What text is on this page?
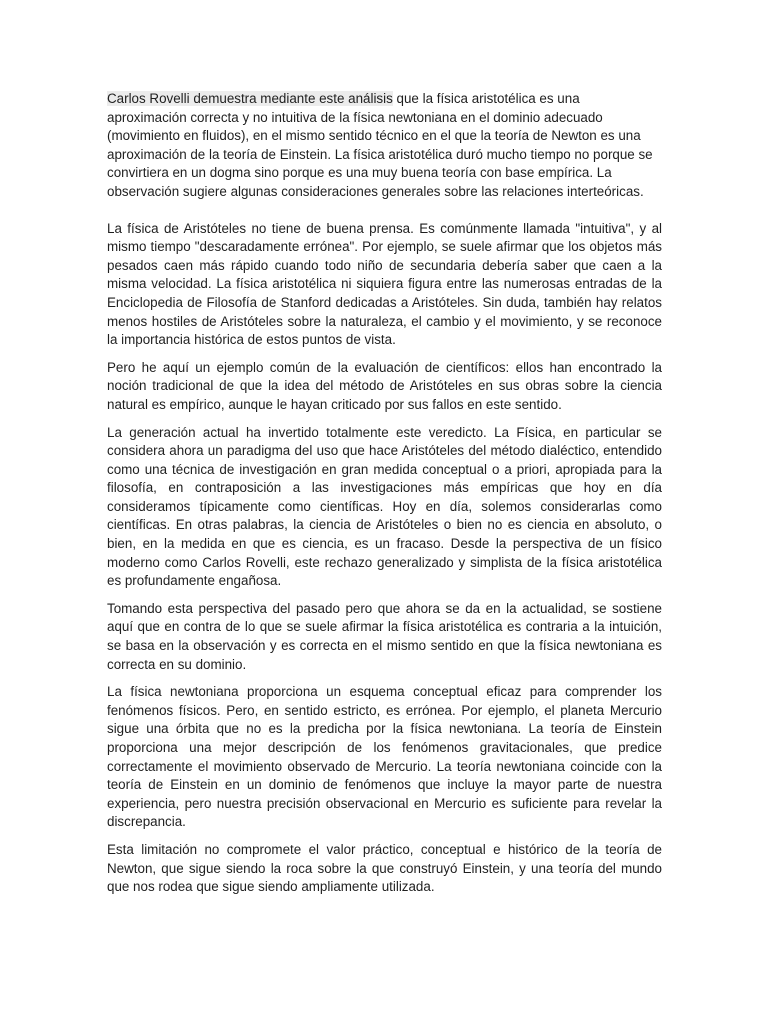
Carlos Rovelli demuestra mediante este análisis que la física aristotélica es una aproximación correcta y no intuitiva de la física newtoniana en el dominio adecuado (movimiento en fluidos), en el mismo sentido técnico en el que la teoría de Newton es una aproximación de la teoría de Einstein. La física aristotélica duró mucho tiempo no porque se convirtiera en un dogma sino porque es una muy buena teoría con base empírica. La observación sugiere algunas consideraciones generales sobre las relaciones interteóricas.

La física de Aristóteles no tiene de buena prensa. Es comúnmente llamada "intuitiva", y al mismo tiempo "descaradamente errónea". Por ejemplo, se suele afirmar que los objetos más pesados caen más rápido cuando todo niño de secundaria debería saber que caen a la misma velocidad. La física aristotélica ni siquiera figura entre las numerosas entradas de la Enciclopedia de Filosofía de Stanford dedicadas a Aristóteles. Sin duda, también hay relatos menos hostiles de Aristóteles sobre la naturaleza, el cambio y el movimiento, y se reconoce la importancia histórica de estos puntos de vista.

Pero he aquí un ejemplo común de la evaluación de científicos: ellos han encontrado la noción tradicional de que la idea del método de Aristóteles en sus obras sobre la ciencia natural es empírico, aunque le hayan criticado por sus fallos en este sentido.

La generación actual ha invertido totalmente este veredicto. La Física, en particular se considera ahora un paradigma del uso que hace Aristóteles del método dialéctico, entendido como una técnica de investigación en gran medida conceptual o a priori, apropiada para la filosofía, en contraposición a las investigaciones más empíricas que hoy en día consideramos típicamente como científicas. Hoy en día, solemos considerarlas como científicas. En otras palabras, la ciencia de Aristóteles o bien no es ciencia en absoluto, o bien, en la medida en que es ciencia, es un fracaso. Desde la perspectiva de un físico moderno como Carlos Rovelli, este rechazo generalizado y simplista de la física aristotélica es profundamente engañosa.

Tomando esta perspectiva del pasado pero que ahora se da en la actualidad, se sostiene aquí que en contra de lo que se suele afirmar la física aristotélica es contraria a la intuición, se basa en la observación y es correcta en el mismo sentido en que la física newtoniana es correcta en su dominio.

La física newtoniana proporciona un esquema conceptual eficaz para comprender los fenómenos físicos. Pero, en sentido estricto, es errónea. Por ejemplo, el planeta Mercurio sigue una órbita que no es la predicha por la física newtoniana. La teoría de Einstein proporciona una mejor descripción de los fenómenos gravitacionales, que predice correctamente el movimiento observado de Mercurio. La teoría newtoniana coincide con la teoría de Einstein en un dominio de fenómenos que incluye la mayor parte de nuestra experiencia, pero nuestra precisión observacional en Mercurio es suficiente para revelar la discrepancia.

Esta limitación no compromete el valor práctico, conceptual e histórico de la teoría de Newton, que sigue siendo la roca sobre la que construyó Einstein, y una teoría del mundo que nos rodea que sigue siendo ampliamente utilizada.
